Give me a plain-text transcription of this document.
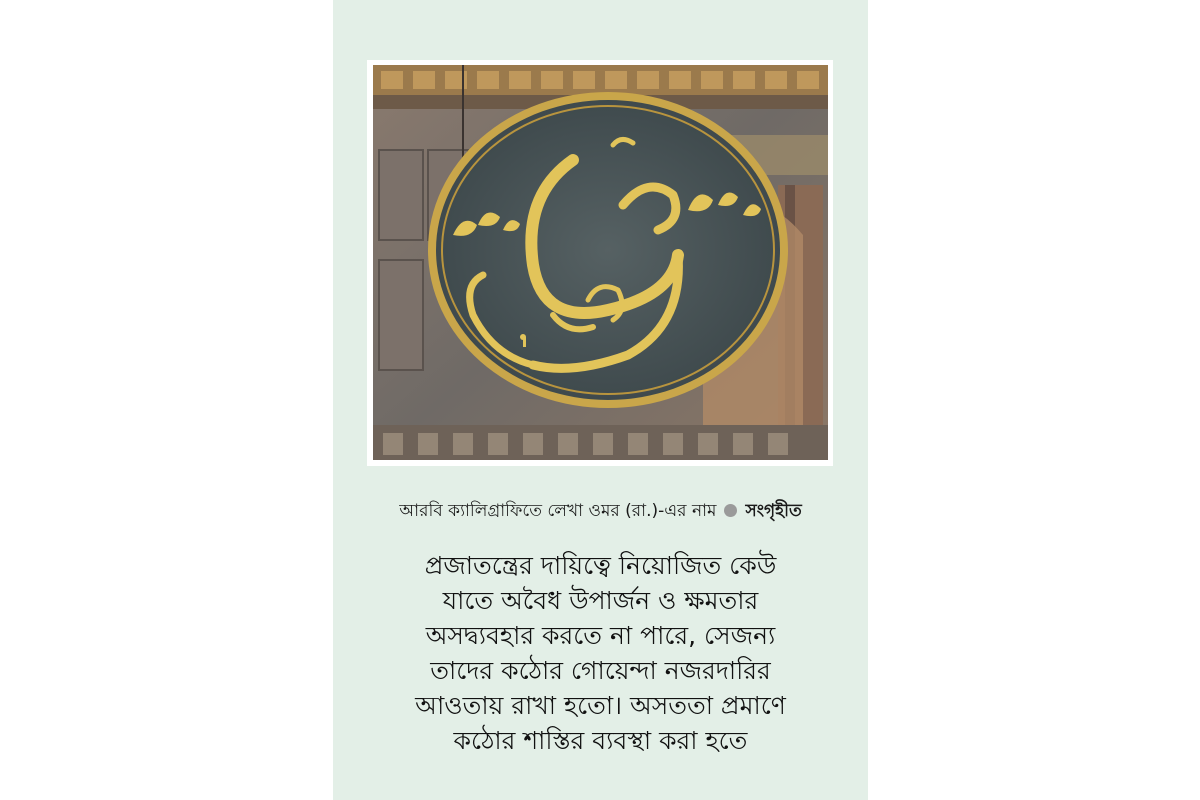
আরবি ক্যালিগ্রাফিতে লেখা ওমর (রা.)-এর নাম সংগৃহীত
প্রজাতন্ত্রের দায়িত্বে নিয়োজিত কেউ
যাতে অবৈধ উপার্জন ও ক্ষমতার
অসদ্ব্যবহার করতে না পারে, সেজন্য
তাদের কঠোর গোয়েন্দা নজরদারির
আওতায় রাখা হতো। অসততা প্রমাণে
কঠোর শাস্তির ব্যবস্থা করা হতে
